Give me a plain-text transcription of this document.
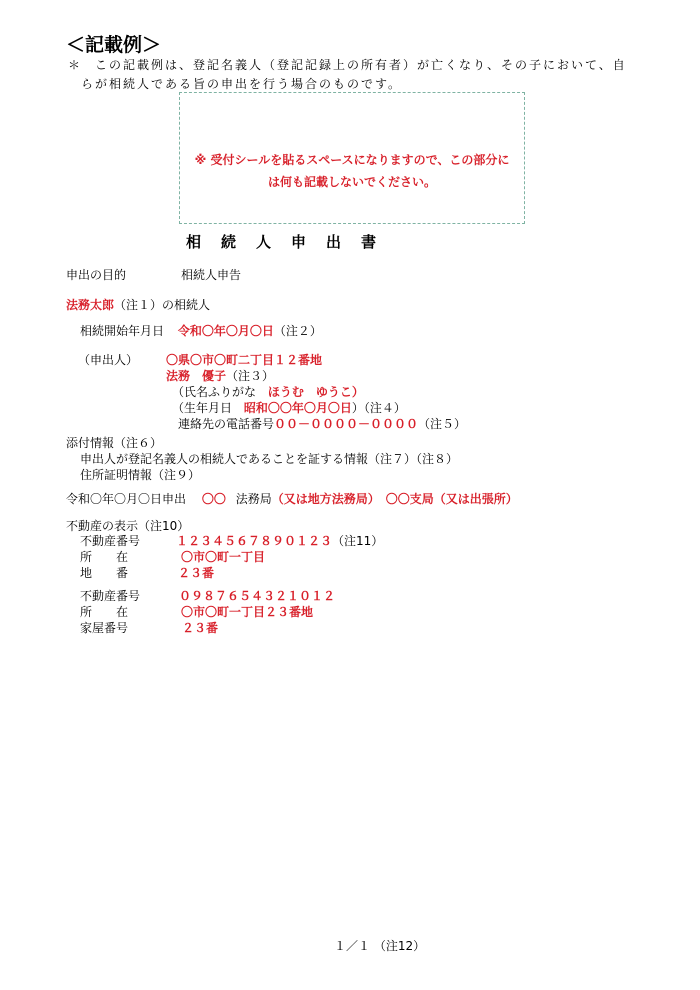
＜記載例＞
＊ この記載例は、登記名義人（登記記録上の所有者）が亡くなり、その子において、自
らが相続人である旨の申出を行う場合のものです。
※ 受付シールを貼るスペースになりますので、この部分に
は何も記載しないでください。
相続人申出書
申出の目的	相続人申告
法務太郎（注１）の相続人
相続開始年月日 令和〇年〇月〇日（注２）
（申出人） 〇県〇市〇町二丁目１２番地
法務　優子（注３）
（氏名ふりがな ほうむ　ゆうこ）
（生年月日 昭和〇〇年〇月〇日）（注４）
連絡先の電話番号００－００００－００００（注５）
添付情報（注６）
申出人が登記名義人の相続人であることを証する情報（注７）（注８）
住所証明情報（注９）
令和〇年〇月〇日申出 〇〇 法務局（又は地方法務局） 〇〇支局（又は出張所）
不動産の表示（注10）
不動産番号	１２３４５６７８９０１２３（注11）
所　　在	〇市〇町一丁目
地　　番	２３番
不動産番号	０９８７６５４３２１０１２
所　　在	〇市〇町一丁目２３番地
家屋番号	２３番
１／１ （注12）
